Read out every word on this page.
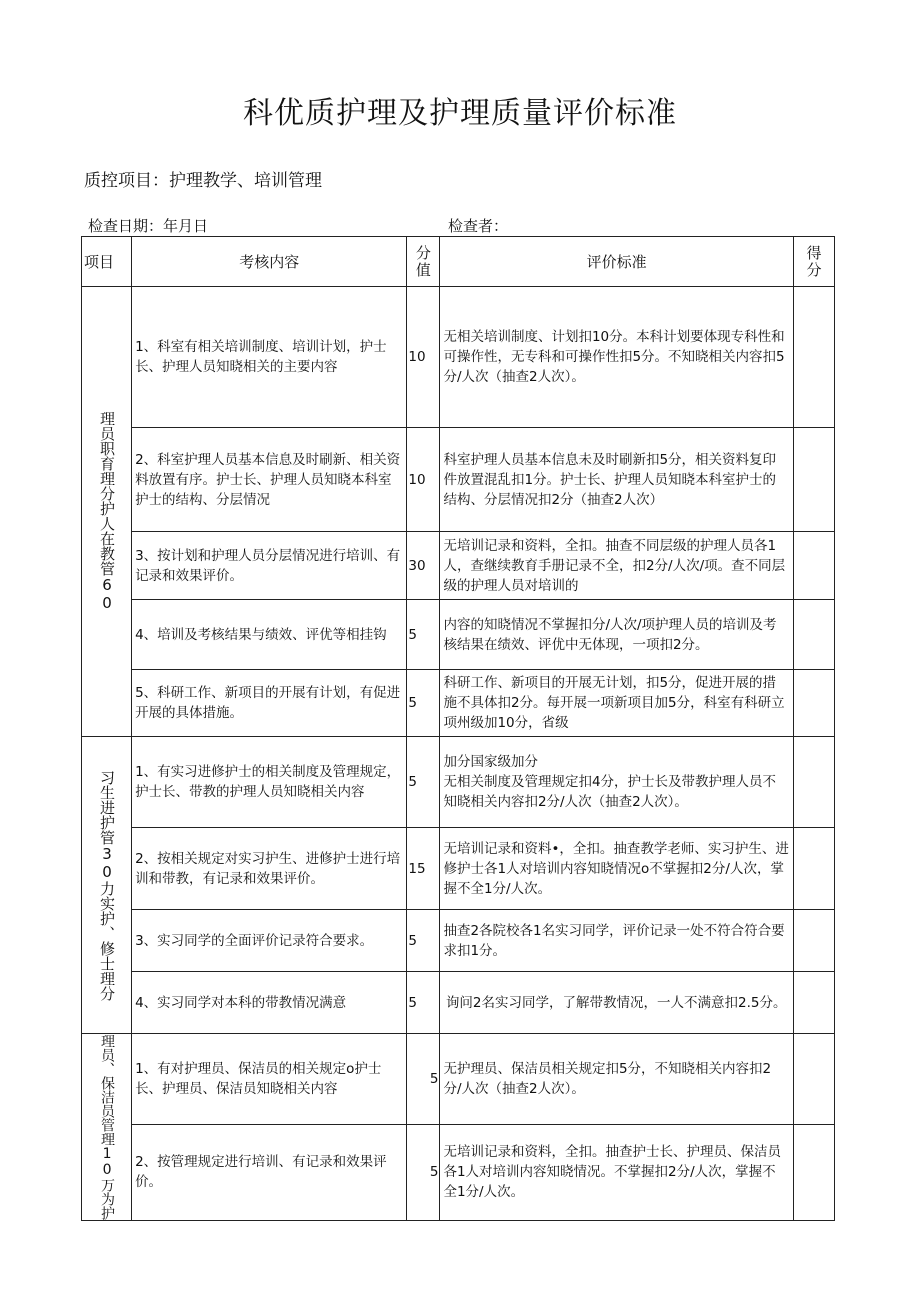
科优质护理及护理质量评价标准
质控项目：护理教学、培训管理
检查日期：年月日	检查者：
项目	考核内容	分值	评价标准	得分

理员职育理分护人在教管60	1、科室有相关培训制度、培训计划，护士长、护理人员知晓相关的主要内容	10	无相关培训制度、计划扣10分。本科计划要体现专科性和可操作性，无专科和可操作性扣5分。不知晓相关内容扣5分/人次（抽查2人次）。	
	2、科室护理人员基本信息及时刷新、相关资料放置有序。护士长、护理人员知晓本科室护士的结构、分层情况	10	科室护理人员基本信息未及时刷新扣5分，相关资料复印件放置混乱扣1分。护士长、护理人员知晓本科室护士的结构、分层情况扣2分（抽查2人次）	
	3、按计划和护理人员分层情况进行培训、有记录和效果评价。	30	无培训记录和资料，全扣。抽查不同层级的护理人员各1人，查继续教育手册记录不全，扣2分/人次/项。查不同层级的护理人员对培训的	
	4、培训及考核结果与绩效、评优等相挂钩	5	内容的知晓情况不掌握扣分/人次/项护理人员的培训及考核结果在绩效、评优中无体现，一项扣2分。	
	5、科研工作、新项目的开展有计划，有促进开展的具体措施。	5	科研工作、新项目的开展无计划，扣5分，促进开展的措施不具体扣2分。每开展一项新项目加5分，科室有科研立项州级加10分，省级	

习生进护管30力实护、修士理分	1、有实习进修护士的相关制度及管理规定，护士长、带教的护理人员知晓相关内容	5	加分国家级加分
无相关制度及管理规定扣4分，护士长及带教护理人员不知晓相关内容扣2分/人次（抽查2人次）。	
	2、按相关规定对实习护生、进修护士进行培训和带教，有记录和效果评价。	15	无培训记录和资料•，全扣。抽查教学老师、实习护生、进修护士各1人对培训内容知晓情况o不掌握扣2分/人次，掌握不全1分/人次。	
	3、实习同学的全面评价记录符合要求。	5	抽查2各院校各1名实习同学，评价记录一处不符合符合要求扣1分。	
	4、实习同学对本科的带教情况满意	5	询问2名实习同学，了解带教情况，一人不满意扣2.5分。	

理员、保洁员管理10万为护	1、有对护理员、保洁员的相关规定o护士长、护理员、保洁员知晓相关内容	5	无护理员、保洁员相关规定扣5分，不知晓相关内容扣2分/人次（抽查2人次）。	
	2、按管理规定进行培训、有记录和效果评价。	5	无培训记录和资料，全扣。抽查护士长、护理员、保洁员各1人对培训内容知晓情况。不掌握扣2分/人次，掌握不全1分/人次。	
